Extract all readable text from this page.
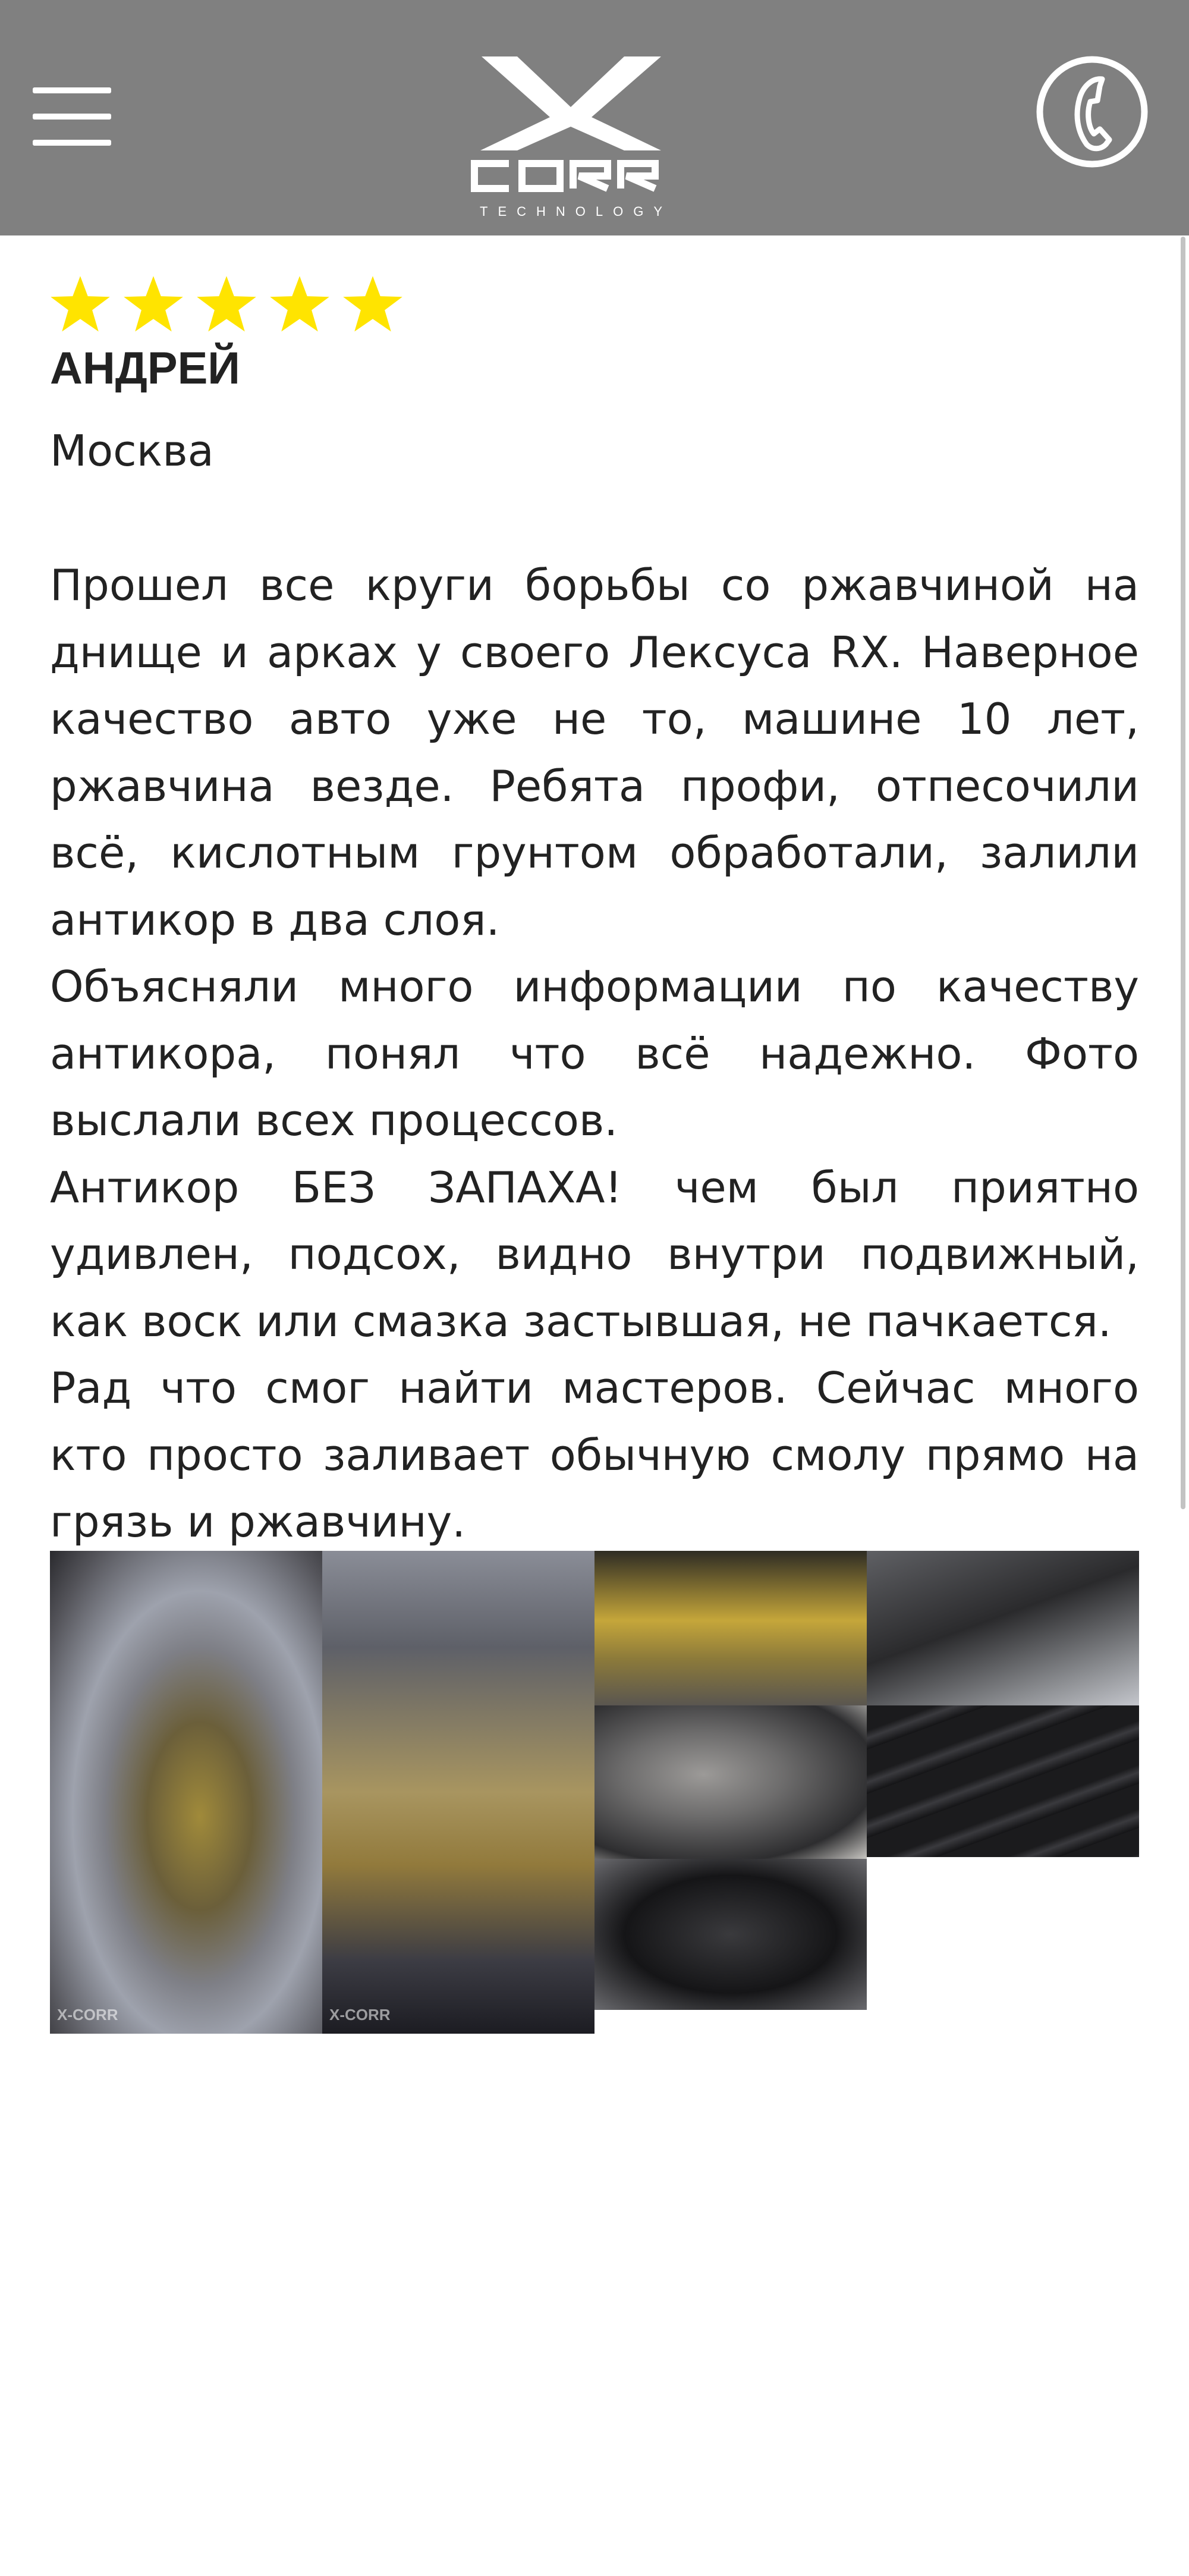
TECHNOLOGY
АНДРЕЙ
Москва

Прошел все круги борьбы со ржавчиной на днище и арках у своего Лексуса RX. Наверное качество авто уже не то, машине 10 лет, ржавчина везде. Ребята профи, отпесочили всё, кислотным грунтом обработали, залили антикор в два слоя.

Объясняли много информации по качеству антикора, понял что всё надежно. Фото выслали всех процессов.

Антикор БЕЗ ЗАПАХА! чем был приятно удивлен, подсох, видно внутри подвижный, как воск или смазка застывшая, не пачкается.

Рад что смог найти мастеров. Сейчас много кто просто заливает обычную смолу прямо на грязь и ржавчину.

X-CORR	X-CORR
